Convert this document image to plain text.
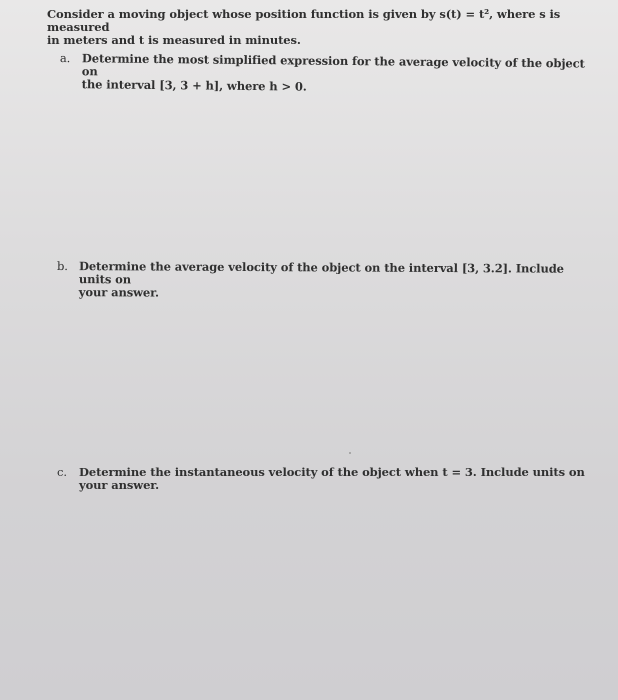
Consider a moving object whose position function is given by s(t) = t², where s is measured
in meters and t is measured in minutes.
a.	Determine the most simplified expression for the average velocity of the object on
the interval [3, 3 + h], where h > 0.
b. Determine the average velocity of the object on the interval [3, 3.2]. Include units on
your answer.
c.	Determine the instantaneous velocity of the object when t = 3. Include units on
your answer.
